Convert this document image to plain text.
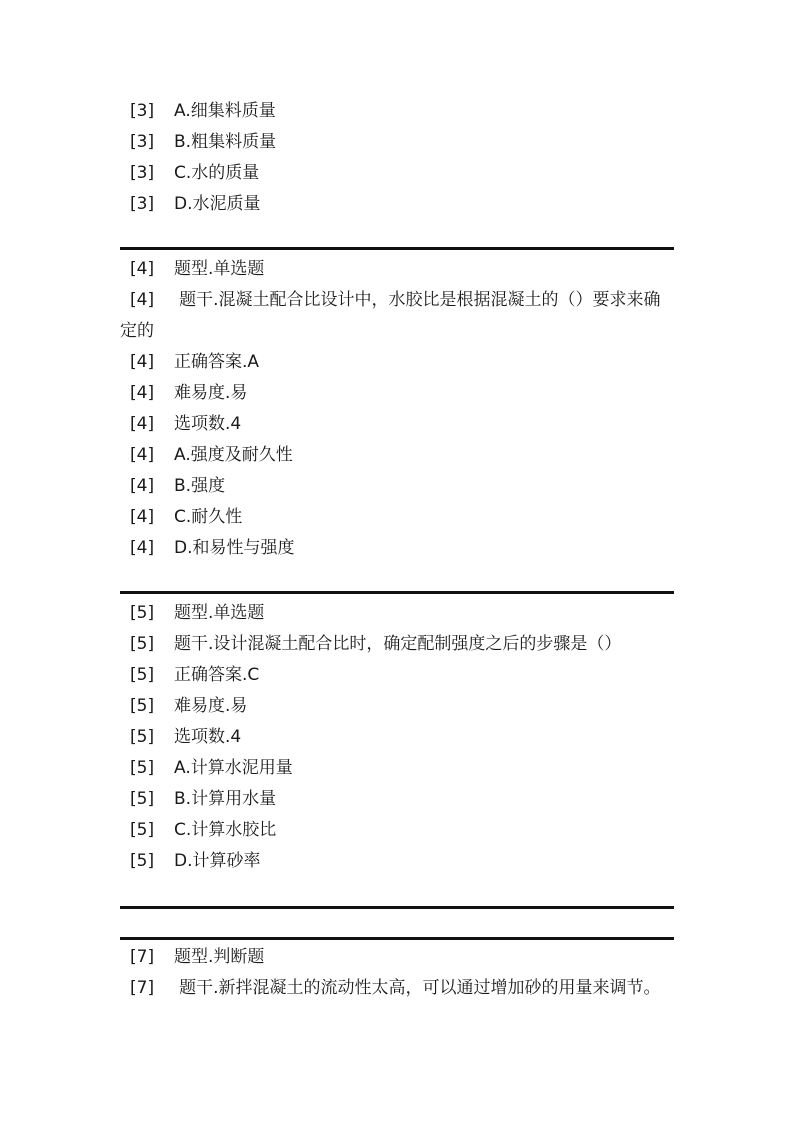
[3] A.细集料质量
[3] B.粗集料质量
[3] C.水的质量
[3] D.水泥质量
[4] 题型.单选题
[4] 题干.混凝土配合比设计中，水胶比是根据混凝土的（）要求来确定的
[4] 正确答案.A
[4] 难易度.易
[4] 选项数.4
[4] A.强度及耐久性
[4] B.强度
[4] C.耐久性
[4] D.和易性与强度
[5] 题型.单选题
[5] 题干.设计混凝土配合比时，确定配制强度之后的步骤是（）
[5] 正确答案.C
[5] 难易度.易
[5] 选项数.4
[5] A.计算水泥用量
[5] B.计算用水量
[5] C.计算水胶比
[5] D.计算砂率
[7] 题型.判断题
[7] 题干.新拌混凝土的流动性太高，可以通过增加砂的用量来调节。
